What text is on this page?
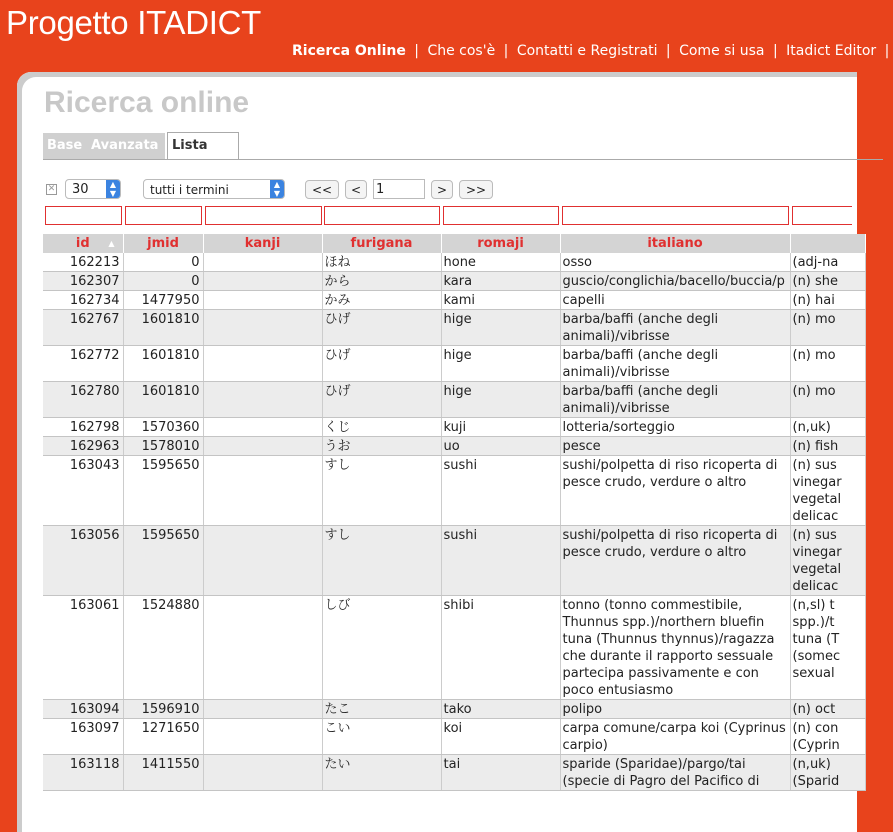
Progetto ITADICT
Ricerca Online | Che cos'è | Contatti e Registrati | Come si usa | Itadict Editor |
Ricerca online
Base Avanzata	Lista
✕	30	▲
▼	tutti i termini	▲
▼	<<	<	1	>	>>
id ▲	jmid	kanji	furigana	romaji	italiano	
162213	0		ほね	hone	osso	(adj-na
162307	0		から	kara	guscio/conglichia/bacello/buccia/p	(n) she
162734	1477950		かみ	kami	capelli	(n) hai
162767	1601810		ひげ	hige	barba/baffi (anche degli animali)/vibrisse	(n) mo
162772	1601810		ひげ	hige	barba/baffi (anche degli animali)/vibrisse	(n) mo
162780	1601810		ひげ	hige	barba/baffi (anche degli animali)/vibrisse	(n) mo
162798	1570360		くじ	kuji	lotteria/sorteggio	(n,uk)
162963	1578010		うお	uo	pesce	(n) fish
163043	1595650		すし	sushi	sushi/polpetta di riso ricoperta di pesce crudo, verdure o altro	(n) sus
vinegar
vegetal
delicac
163056	1595650		すし	sushi	sushi/polpetta di riso ricoperta di pesce crudo, verdure o altro	(n) sus
vinegar
vegetal
delicac
163061	1524880		しび	shibi	tonno (tonno commestibile, Thunnus spp.)/northern bluefin tuna (Thunnus thynnus)/ragazza che durante il rapporto sessuale partecipa passivamente e con poco entusiasmo	(n,sl) t
spp.)/t
tuna (T
(somec
sexual
163094	1596910		たこ	tako	polipo	(n) oct
163097	1271650		こい	koi	carpa comune/carpa koi (Cyprinus carpio)	(n) con
(Cyprin
163118	1411550		たい	tai	sparide (Sparidae)/pargo/tai (specie di Pagro del Pacifico di	(n,uk)
(Sparid
